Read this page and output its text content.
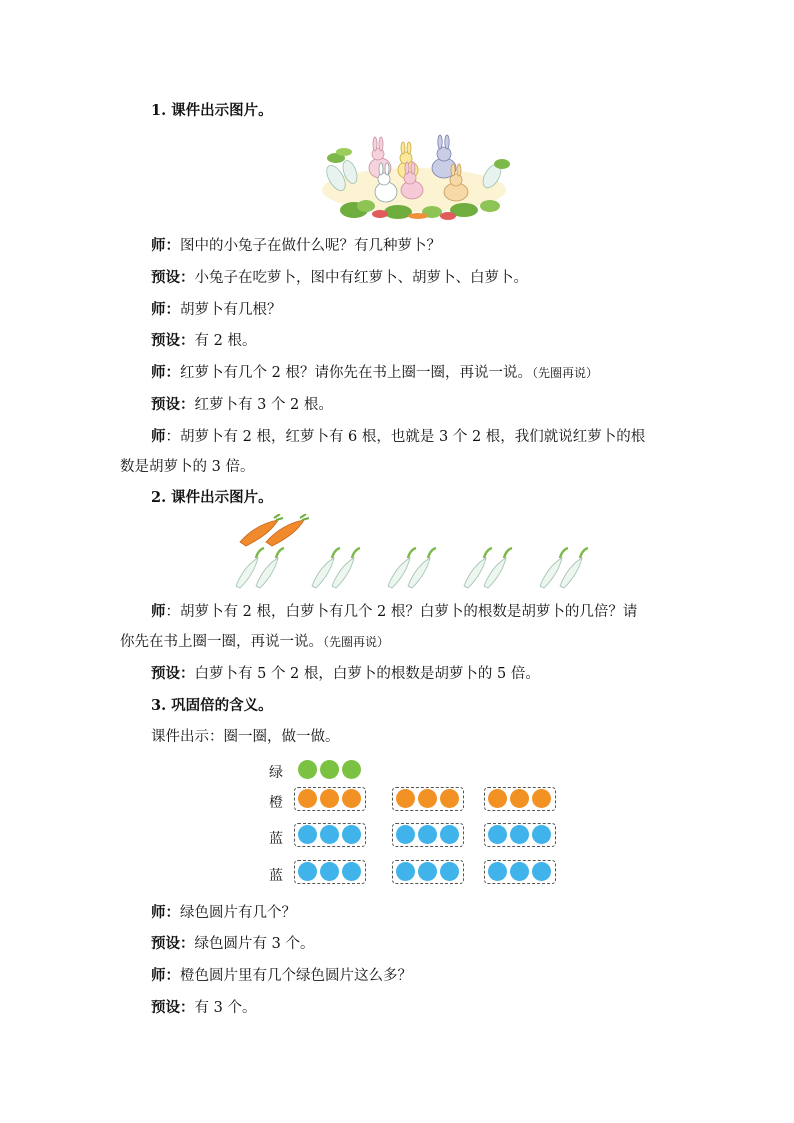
1. 课件出示图片。
师：图中的小兔子在做什么呢？有几种萝卜？
预设：小兔子在吃萝卜，图中有红萝卜、胡萝卜、白萝卜。
师：胡萝卜有几根？
预设：有 2 根。
师：红萝卜有几个 2 根？请你先在书上圈一圈，再说一说。（先圈再说）
预设：红萝卜有 3 个 2 根。
师：胡萝卜有 2 根，红萝卜有 6 根，也就是 3 个 2 根，我们就说红萝卜的根
数是胡萝卜的 3 倍。
2. 课件出示图片。
师：胡萝卜有 2 根，白萝卜有几个 2 根？白萝卜的根数是胡萝卜的几倍？请
你先在书上圈一圈，再说一说。（先圈再说）
预设：白萝卜有 5 个 2 根，白萝卜的根数是胡萝卜的 5 倍。
3. 巩固倍的含义。
课件出示：圈一圈，做一做。
绿
橙
蓝
蓝
师：绿色圆片有几个？
预设：绿色圆片有 3 个。
师：橙色圆片里有几个绿色圆片这么多？
预设：有 3 个。
